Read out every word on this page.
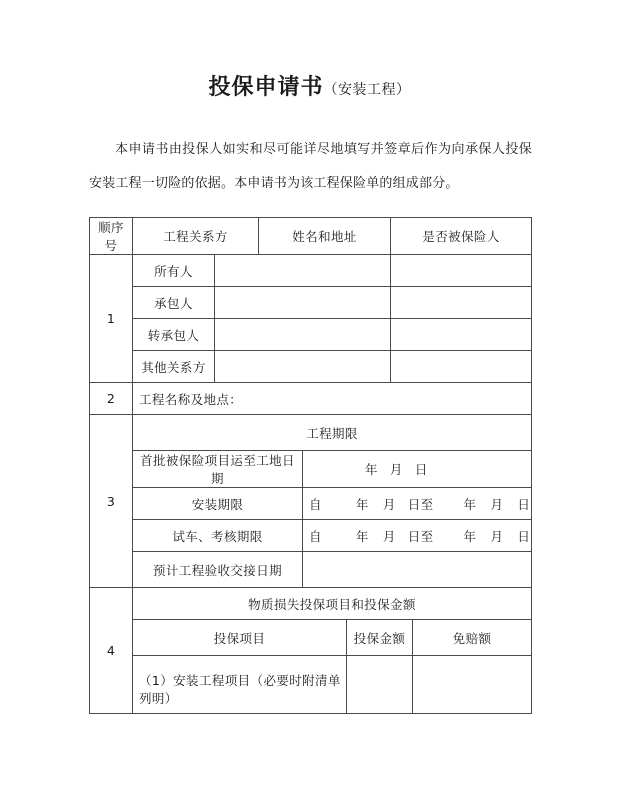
投保申请书（安装工程）

本申请书由投保人如实和尽可能详尽地填写并签章后作为向承保人投保安装工程一切险的依据。本申请书为该工程保险单的组成部分。

顺序号	工程关系方		姓名和地址			是否被保险人	
1	所有人						
	承包人						
	转承包人						
	其他关系方						
2	工程名称及地点：						
3	工程期限						
	首批被保险项目运至工地日期			年 月 日			

	安装期限			自 年 月 日至 年 月 日			

	试车、考核期限			自 年 月 日至 年 月 日			

	预计工程验收交接日期						
4	物质损失投保项目和投保金额						
	投保项目				投保金额		免赔额
	（1）安装工程项目（必要时附清单列明）						
